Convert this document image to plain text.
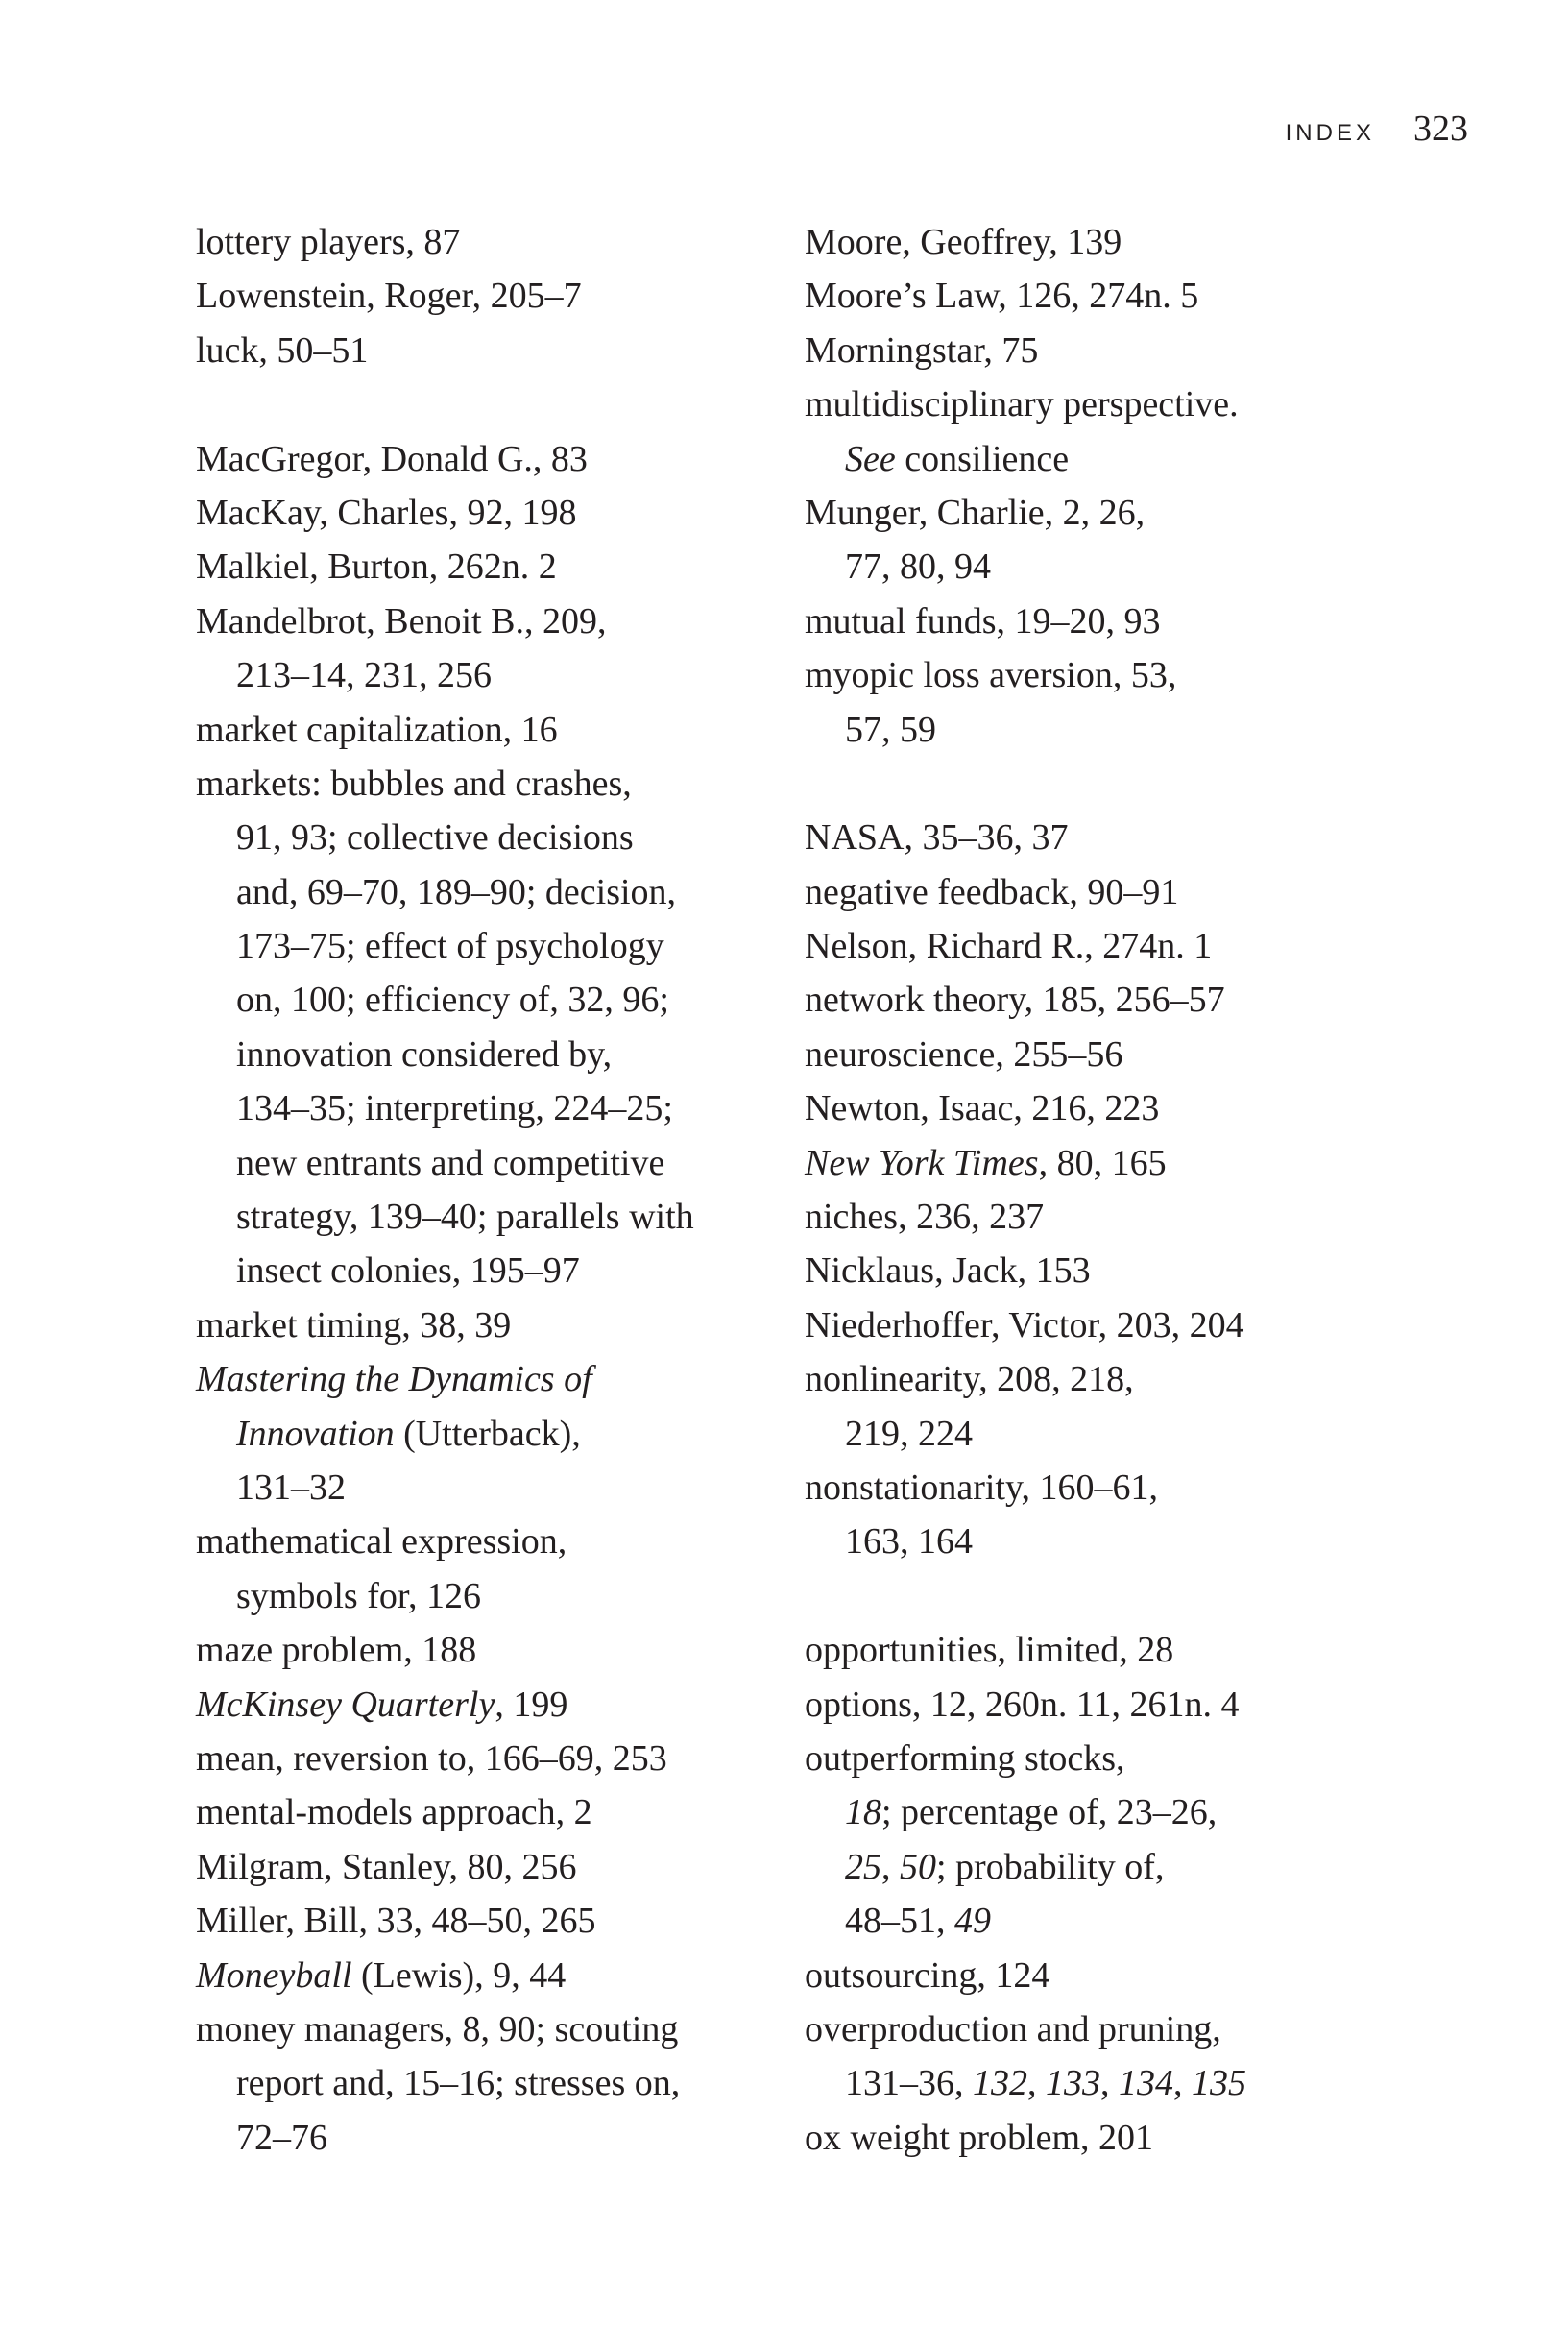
INDEX 323
lottery players, 87
Lowenstein, Roger, 205–7
luck, 50–51
MacGregor, Donald G., 83
MacKay, Charles, 92, 198
Malkiel, Burton, 262n. 2
Mandelbrot, Benoit B., 209,
213–14, 231, 256
market capitalization, 16
markets: bubbles and crashes,
91, 93; collective decisions
and, 69–70, 189–90; decision,
173–75; effect of psychology
on, 100; efficiency of, 32, 96;
innovation considered by,
134–35; interpreting, 224–25;
new entrants and competitive
strategy, 139–40; parallels with
insect colonies, 195–97
market timing, 38, 39
Mastering the Dynamics of
Innovation (Utterback),
131–32
mathematical expression,
symbols for, 126
maze problem, 188
McKinsey Quarterly, 199
mean, reversion to, 166–69, 253
mental-models approach, 2
Milgram, Stanley, 80, 256
Miller, Bill, 33, 48–50, 265
Moneyball (Lewis), 9, 44
money managers, 8, 90; scouting
report and, 15–16; stresses on,
72–76
Moore, Geoffrey, 139
Moore’s Law, 126, 274n. 5
Morningstar, 75
multidisciplinary perspective.
See consilience
Munger, Charlie, 2, 26,
77, 80, 94
mutual funds, 19–20, 93
myopic loss aversion, 53,
57, 59
NASA, 35–36, 37
negative feedback, 90–91
Nelson, Richard R., 274n. 1
network theory, 185, 256–57
neuroscience, 255–56
Newton, Isaac, 216, 223
New York Times, 80, 165
niches, 236, 237
Nicklaus, Jack, 153
Niederhoffer, Victor, 203, 204
nonlinearity, 208, 218,
219, 224
nonstationarity, 160–61,
163, 164
opportunities, limited, 28
options, 12, 260n. 11, 261n. 4
outperforming stocks,
18; percentage of, 23–26,
25, 50; probability of,
48–51, 49
outsourcing, 124
overproduction and pruning,
131–36, 132, 133, 134, 135
ox weight problem, 201
